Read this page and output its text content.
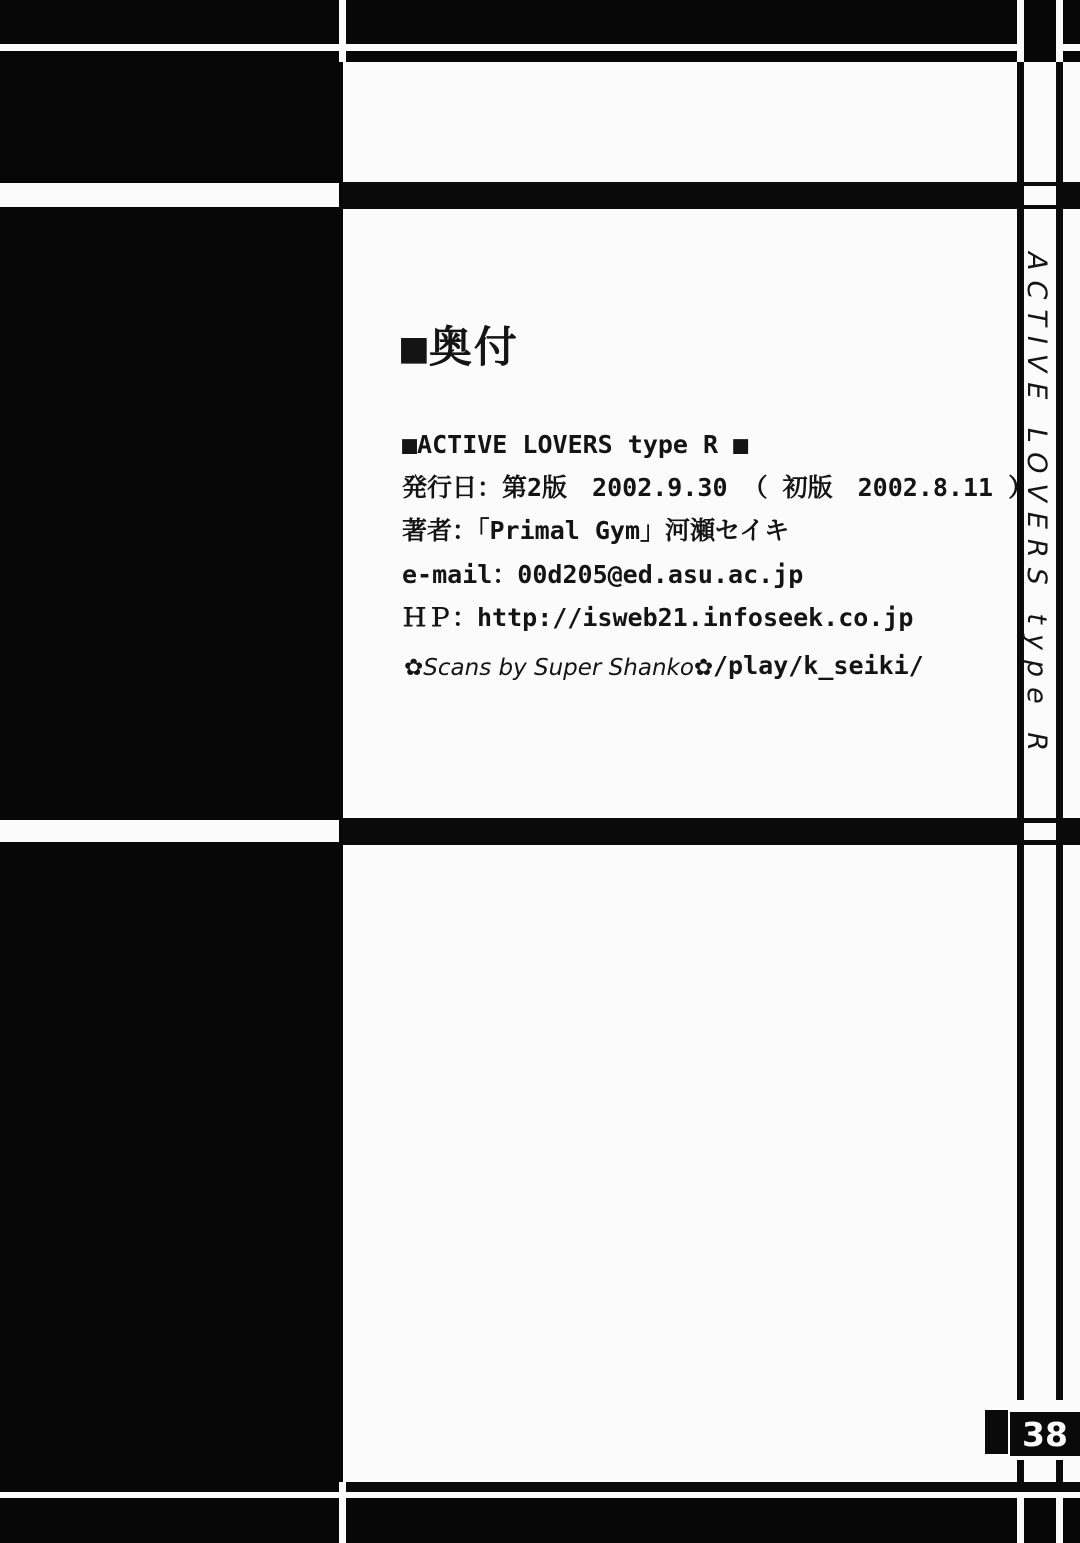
■奥付
■ACTIVE LOVERS type R ■
発行日：第2版　2002.9.30 （ 初版　2002.8.11 ）
著者：「Primal Gym」河瀬セイキ
e-mail：00d205@ed.asu.ac.jp
ＨＰ：http://isweb21.infoseek.co.jp
✿Scans by Super Shanko✿ /play/k_seiki/	ACTIVE LOVERS type R
38
